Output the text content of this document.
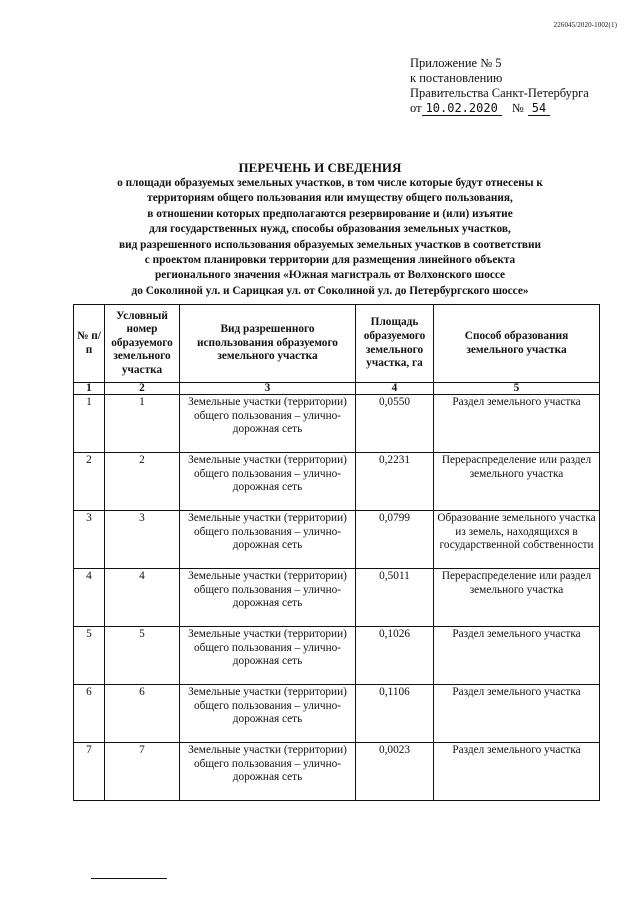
226045/2020-1002(1)
Приложение № 5
к постановлению
Правительства Санкт-Петербурга
от 10.02.2020 № 54
ПЕРЕЧЕНЬ И СВЕДЕНИЯ
о площади образуемых земельных участков, в том числе которые будут отнесены к
территориям общего пользования или имуществу общего пользования,
в отношении которых предполагаются резервирование и (или) изъятие
для государственных нужд, способы образования земельных участков,
вид разрешенного использования образуемых земельных участков в соответствии
с проектом планировки территории для размещения линейного объекта
регионального значения «Южная магистраль от Волхонского шоссе
до Соколиной ул. и Сарицкая ул. от Соколиной ул. до Петербургского шоссе»
№ п/п	Условный номер образуемого земельного участка	Вид разрешенного использования образуемого земельного участка	Площадь образуемого земельного участка, га	Способ образования земельного участка
1	2	3	4	5
1	1	Земельные участки (территории) общего пользования – улично-дорожная сеть	0,0550	Раздел земельного участка
2	2	Земельные участки (территории) общего пользования – улично-дорожная сеть	0,2231	Перераспределение или раздел земельного участка
3	3	Земельные участки (территории) общего пользования – улично-дорожная сеть	0,0799	Образование земельного участка из земель, находящихся в государственной собственности
4	4	Земельные участки (территории) общего пользования – улично-дорожная сеть	0,5011	Перераспределение или раздел земельного участка
5	5	Земельные участки (территории) общего пользования – улично-дорожная сеть	0,1026	Раздел земельного участка
6	6	Земельные участки (территории) общего пользования – улично-дорожная сеть	0,1106	Раздел земельного участка
7	7	Земельные участки (территории) общего пользования – улично-дорожная сеть	0,0023	Раздел земельного участка
